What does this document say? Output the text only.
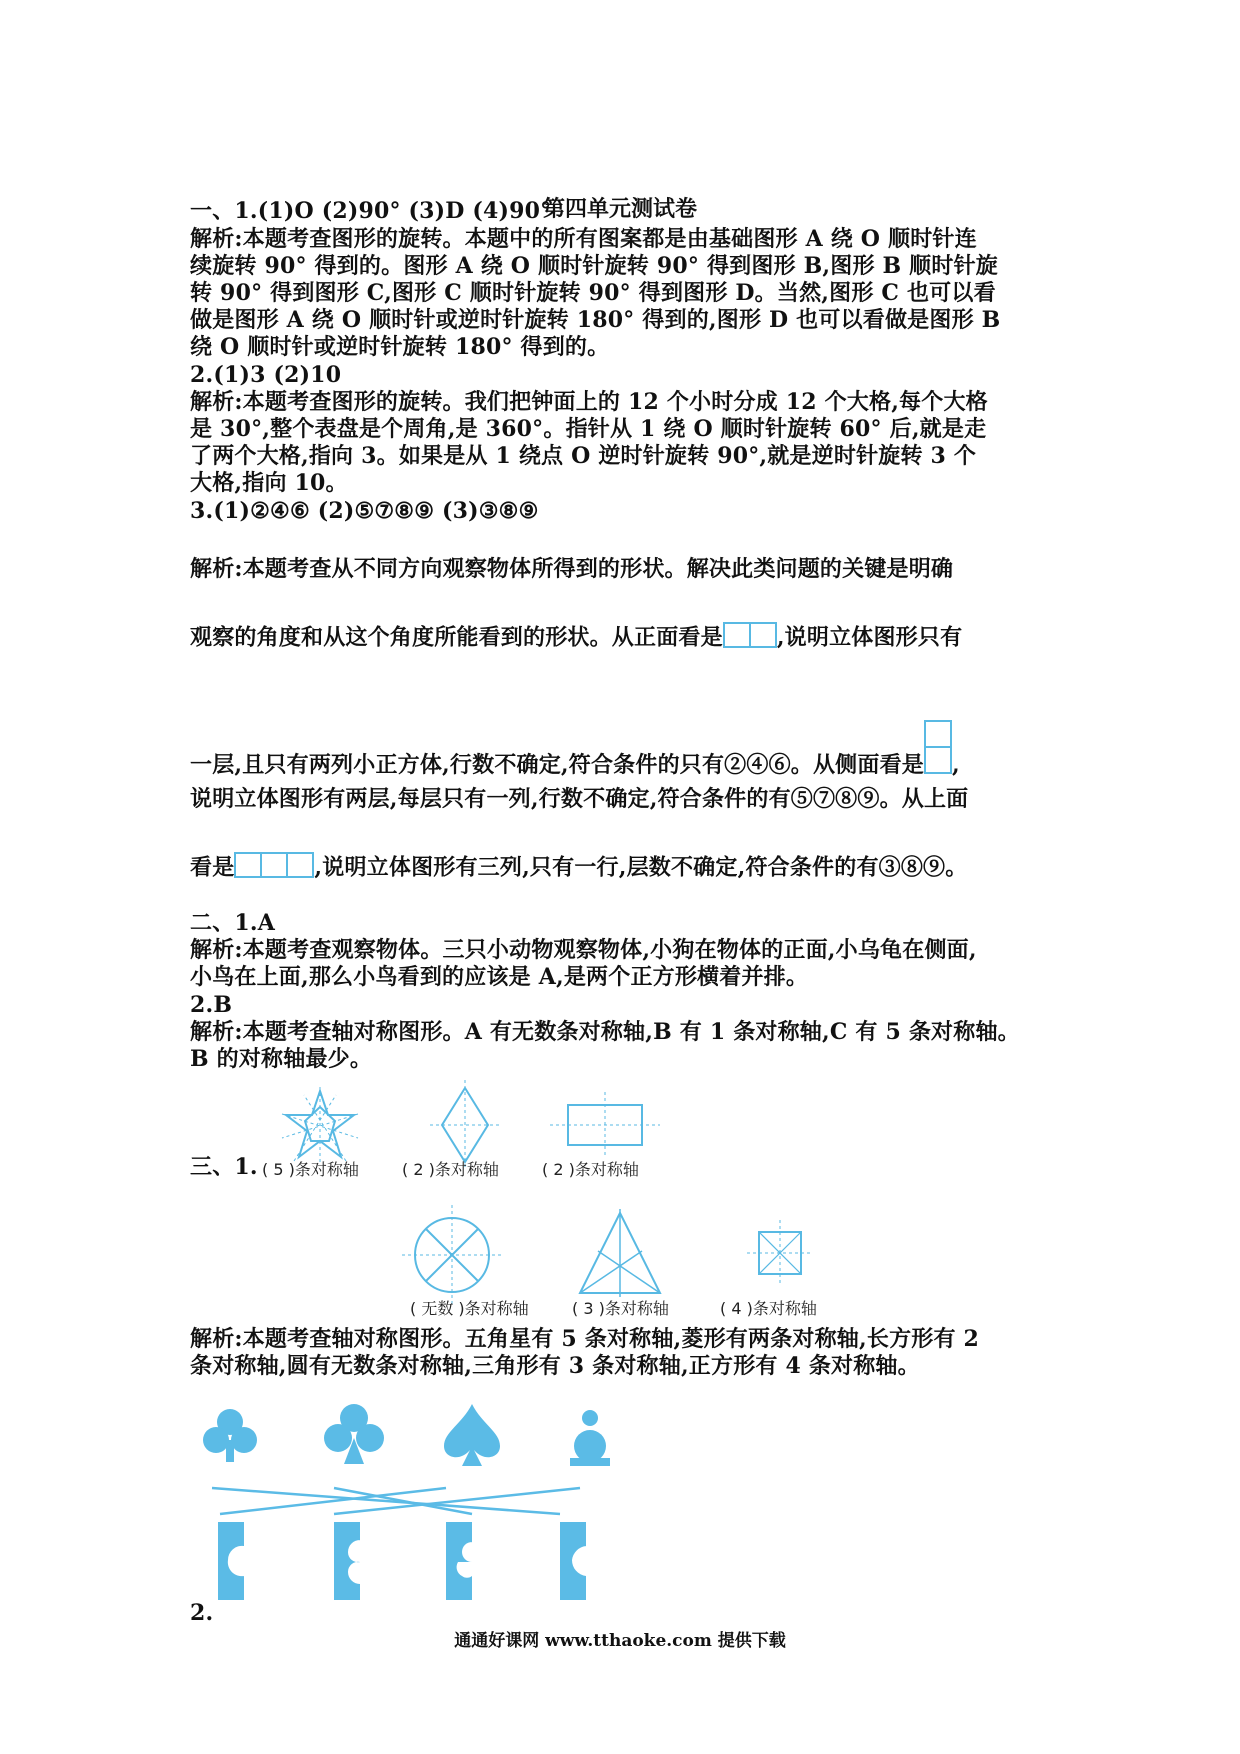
第四单元测试卷
一、1.(1)O (2)90° (3)D (4)90°
解析:本题考查图形的旋转。本题中的所有图案都是由基础图形 A 绕 O 顺时针连
续旋转 90° 得到的。图形 A 绕 O 顺时针旋转 90° 得到图形 B,图形 B 顺时针旋
转 90° 得到图形 C,图形 C 顺时针旋转 90° 得到图形 D。当然,图形 C 也可以看
做是图形 A 绕 O 顺时针或逆时针旋转 180° 得到的,图形 D 也可以看做是图形 B
绕 O 顺时针或逆时针旋转 180° 得到的。
2.(1)3 (2)10
解析:本题考查图形的旋转。我们把钟面上的 12 个小时分成 12 个大格,每个大格
是 30°,整个表盘是个周角,是 360°。指针从 1 绕 O 顺时针旋转 60° 后,就是走
了两个大格,指向 3。如果是从 1 绕点 O 逆时针旋转 90°,就是逆时针旋转 3 个
大格,指向 10。
3.(1)②④⑥ (2)⑤⑦⑧⑨ (3)③⑧⑨
解析:本题考查从不同方向观察物体所得到的形状。解决此类问题的关键是明确
观察的角度和从这个角度所能看到的形状。从正面看是 ,说明立体图形只有
一层,且只有两列小正方体,行数不确定,符合条件的只有②④⑥。从侧面看是 ,
说明立体图形有两层,每层只有一列,行数不确定,符合条件的有⑤⑦⑧⑨。从上面
看是	,说明立体图形有三列,只有一行,层数不确定,符合条件的有③⑧⑨。
二、1.A
解析:本题考查观察物体。三只小动物观察物体,小狗在物体的正面,小乌龟在侧面,
小鸟在上面,那么小鸟看到的应该是 A,是两个正方形横着并排。
2.B
解析:本题考查轴对称图形。A 有无数条对称轴,B 有 1 条对称轴,C 有 5 条对称轴。
B 的对称轴最少。
三、1. ( 5 )条对称轴	( 2 )条对称轴	( 2 )条对称轴
( 无数 )条对称轴	( 3 )条对称轴	( 4 )条对称轴
解析:本题考查轴对称图形。五角星有 5 条对称轴,菱形有两条对称轴,长方形有 2
条对称轴,圆有无数条对称轴,三角形有 3 条对称轴,正方形有 4 条对称轴。
2.
通通好课网 www.tthaoke.com 提供下载
